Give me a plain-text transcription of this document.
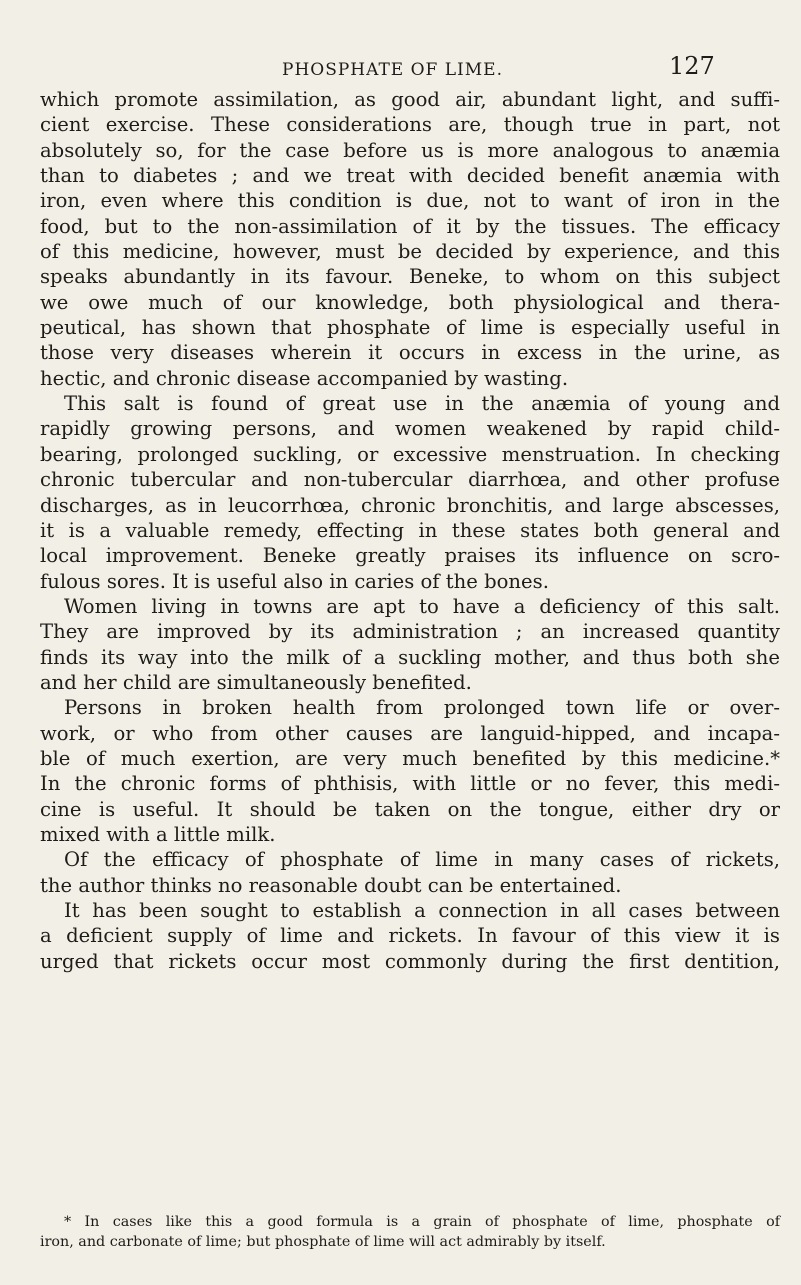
PHOSPHATE OF LIME.	127
which promote assimilation, as good air, abundant light, and suffi-
cient exercise. These considerations are, though true in part, not
absolutely so, for the case before us is more analogous to anæmia
than to diabetes ; and we treat with decided benefit anæmia with
iron, even where this condition is due, not to want of iron in the
food, but to the non-assimilation of it by the tissues. The efficacy
of this medicine, however, must be decided by experience, and this
speaks abundantly in its favour. Beneke, to whom on this subject
we owe much of our knowledge, both physiological and thera-
peutical, has shown that phosphate of lime is especially useful in
those very diseases wherein it occurs in excess in the urine, as
hectic, and chronic disease accompanied by wasting.
This salt is found of great use in the anæmia of young and
rapidly growing persons, and women weakened by rapid child-
bearing, prolonged suckling, or excessive menstruation. In checking
chronic tubercular and non-tubercular diarrhœa, and other profuse
discharges, as in leucorrhœa, chronic bronchitis, and large abscesses,
it is a valuable remedy, effecting in these states both general and
local improvement. Beneke greatly praises its influence on scro-
fulous sores. It is useful also in caries of the bones.
Women living in towns are apt to have a deficiency of this salt.
They are improved by its administration ; an increased quantity
finds its way into the milk of a suckling mother, and thus both she
and her child are simultaneously benefited.
Persons in broken health from prolonged town life or over-
work, or who from other causes are languid-hipped, and incapa-
ble of much exertion, are very much benefited by this medicine.*
In the chronic forms of phthisis, with little or no fever, this medi-
cine is useful. It should be taken on the tongue, either dry or
mixed with a little milk.
Of the efficacy of phosphate of lime in many cases of rickets,
the author thinks no reasonable doubt can be entertained.
It has been sought to establish a connection in all cases between
a deficient supply of lime and rickets. In favour of this view it is
urged that rickets occur most commonly during the first dentition,
* In cases like this a good formula is a grain of phosphate of lime, phosphate of
iron, and carbonate of lime; but phosphate of lime will act admirably by itself.
